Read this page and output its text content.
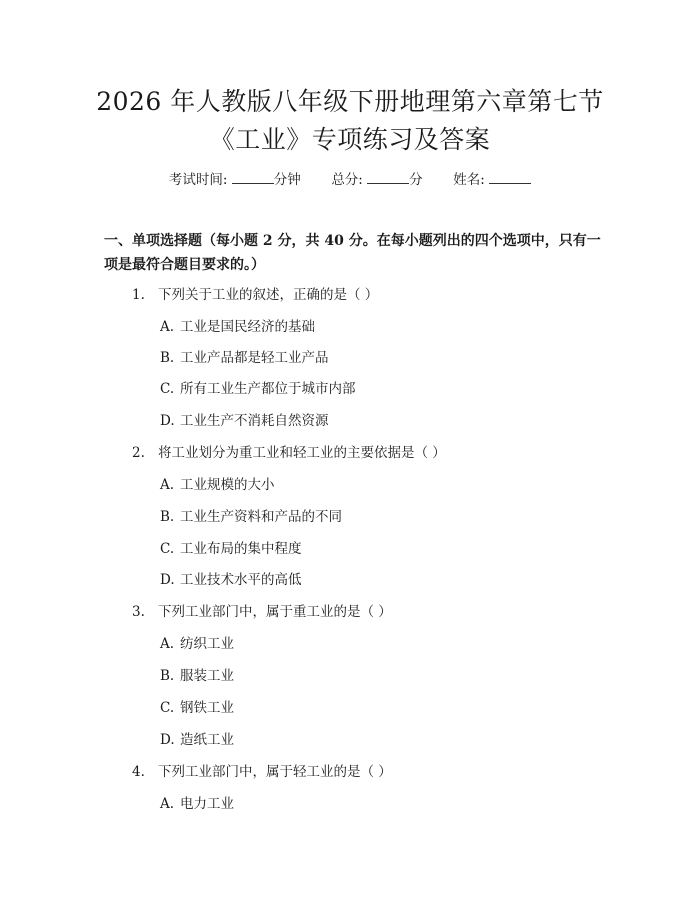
2026 年人教版八年级下册地理第六章第七节
《工业》专项练习及答案
考试时间:	分钟 总分:	分 姓名:
一、单项选择题（每小题 2 分，共 40 分。在每小题列出的四个选项中，只有一项是最符合题目要求的。）
1. 下列关于工业的叙述，正确的是（ ）
A. 工业是国民经济的基础
B. 工业产品都是轻工业产品
C. 所有工业生产都位于城市内部
D. 工业生产不消耗自然资源
2. 将工业划分为重工业和轻工业的主要依据是（ ）
A. 工业规模的大小
B. 工业生产资料和产品的不同
C. 工业布局的集中程度
D. 工业技术水平的高低
3. 下列工业部门中，属于重工业的是（ ）
A. 纺织工业
B. 服装工业
C. 钢铁工业
D. 造纸工业
4. 下列工业部门中，属于轻工业的是（ ）
A. 电力工业
